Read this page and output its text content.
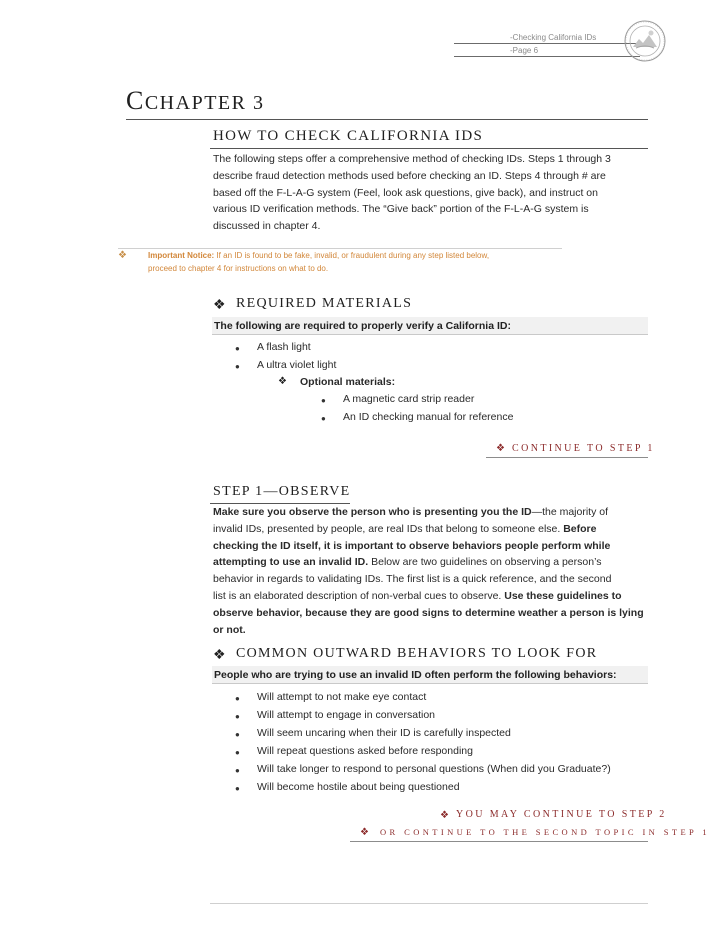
-Checking California IDs
-Page 6
CCHAPTER 3
HOW TO CHECK CALIFORNIA IDS
The following steps offer a comprehensive method of checking IDs. Steps 1 through 3
describe fraud detection methods used before checking an ID. Steps 4 through # are
based off the F-L-A-G system (Feel, look ask questions, give back), and instruct on
various ID verification methods. The “Give back” portion of the F-L-A-G system is
discussed in chapter 4.
❖	Important Notice: If an ID is found to be fake, invalid, or fraudulent during any step listed below,
proceed to chapter 4 for instructions on what to do.
❖ REQUIRED MATERIALS
The following are required to properly verify a California ID:
● A flash light
● A ultra violet light
❖ Optional materials:
● A magnetic card strip reader
● An ID checking manual for reference
❖ CONTINUE TO STEP 1
STEP 1—OBSERVE
Make sure you observe the person who is presenting you the ID—the majority of
invalid IDs, presented by people, are real IDs that belong to someone else. Before
checking the ID itself, it is important to observe behaviors people perform while
attempting to use an invalid ID. Below are two guidelines on observing a person’s
behavior in regards to validating IDs. The first list is a quick reference, and the second
list is an elaborated description of non-verbal cues to observe. Use these guidelines to
observe behavior, because they are good signs to determine weather a person is lying
or not.
❖ COMMON OUTWARD BEHAVIORS TO LOOK FOR
People who are trying to use an invalid ID often perform the following behaviors:
● Will attempt to not make eye contact
● Will attempt to engage in conversation
● Will seem uncaring when their ID is carefully inspected
● Will repeat questions asked before responding
● Will take longer to respond to personal questions (When did you Graduate?)
● Will become hostile about being questioned
❖ YOU MAY CONTINUE TO STEP 2
❖ OR CONTINUE TO THE SECOND TOPIC IN STEP 1
